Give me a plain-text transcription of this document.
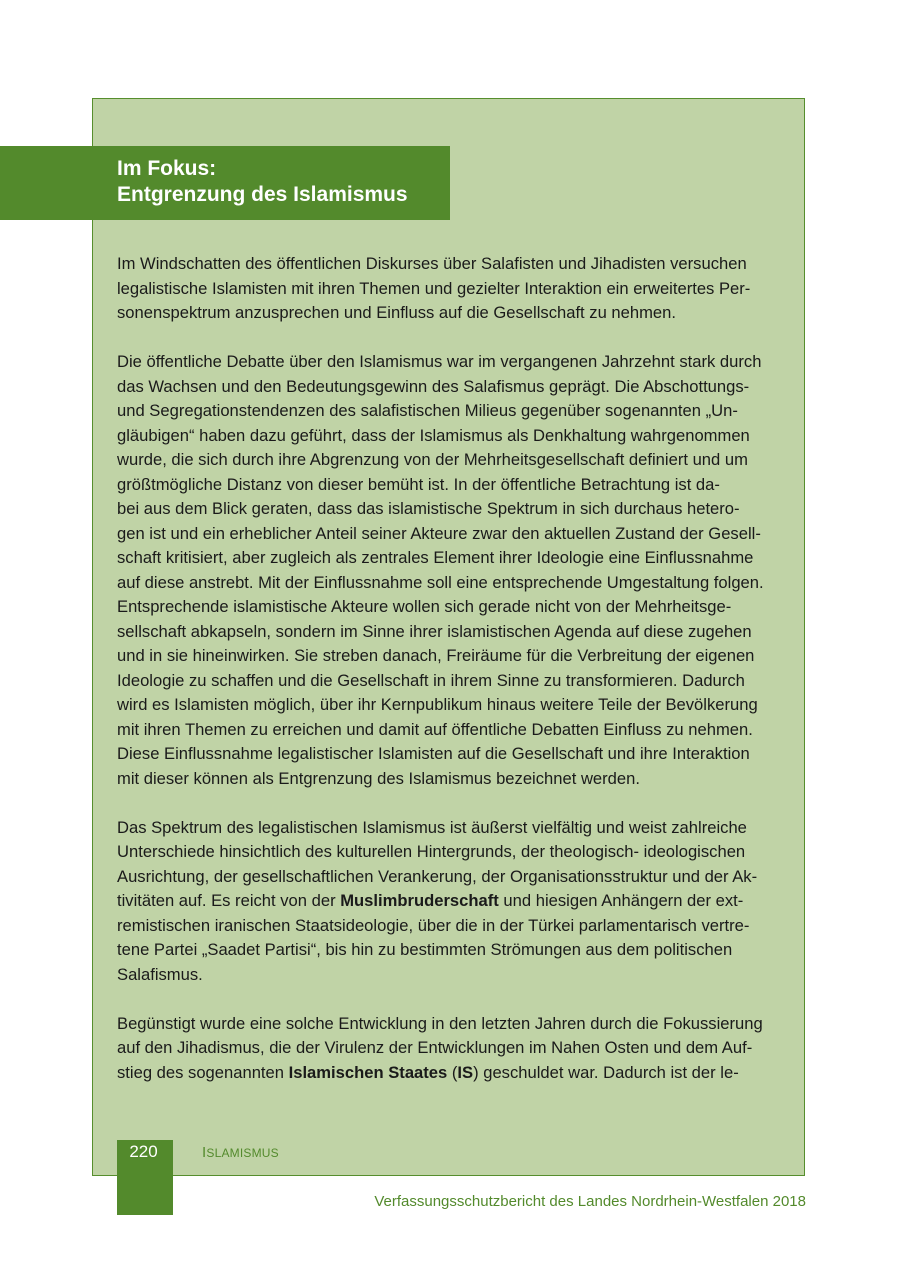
Im Fokus:
Entgrenzung des Islamismus

Im Windschatten des öffentlichen Diskurses über Salafisten und Jihadisten versuchen
legalistische Islamisten mit ihren Themen und gezielter Interaktion ein erweitertes Per-
sonenspektrum anzusprechen und Einfluss auf die Gesellschaft zu nehmen.

Die öffentliche Debatte über den Islamismus war im vergangenen Jahrzehnt stark durch
das Wachsen und den Bedeutungsgewinn des Salafismus geprägt. Die Abschottungs-
und Segregationstendenzen des salafistischen Milieus gegenüber sogenannten „Un-
gläubigen“ haben dazu geführt, dass der Islamismus als Denkhaltung wahrgenommen
wurde, die sich durch ihre Abgrenzung von der Mehrheitsgesellschaft definiert und um
größtmögliche Distanz von dieser bemüht ist. In der öffentliche Betrachtung ist da-
bei aus dem Blick geraten, dass das islamistische Spektrum in sich durchaus hetero-
gen ist und ein erheblicher Anteil seiner Akteure zwar den aktuellen Zustand der Gesell-
schaft kritisiert, aber zugleich als zentrales Element ihrer Ideologie eine Einflussnahme
auf diese anstrebt. Mit der Einflussnahme soll eine entsprechende Umgestaltung folgen.
Entsprechende islamistische Akteure wollen sich gerade nicht von der Mehrheitsge-
sellschaft abkapseln, sondern im Sinne ihrer islamistischen Agenda auf diese zugehen
und in sie hineinwirken. Sie streben danach, Freiräume für die Verbreitung der eigenen
Ideologie zu schaffen und die Gesellschaft in ihrem Sinne zu transformieren. Dadurch
wird es Islamisten möglich, über ihr Kernpublikum hinaus weitere Teile der Bevölkerung
mit ihren Themen zu erreichen und damit auf öffentliche Debatten Einfluss zu nehmen.
Diese Einflussnahme legalistischer Islamisten auf die Gesellschaft und ihre Interaktion
mit dieser können als Entgrenzung des Islamismus bezeichnet werden.

Das Spektrum des legalistischen Islamismus ist äußerst vielfältig und weist zahlreiche
Unterschiede hinsichtlich des kulturellen Hintergrunds, der theologisch- ideologischen
Ausrichtung, der gesellschaftlichen Verankerung, der Organisationsstruktur und der Ak-
tivitäten auf. Es reicht von der Muslimbruderschaft und hiesigen Anhängern der ext-
remistischen iranischen Staatsideologie, über die in der Türkei parlamentarisch vertre-
tene Partei „Saadet Partisi“, bis hin zu bestimmten Strömungen aus dem politischen
Salafismus.

Begünstigt wurde eine solche Entwicklung in den letzten Jahren durch die Fokussierung
auf den Jihadismus, die der Virulenz der Entwicklungen im Nahen Osten und dem Auf-
stieg des sogenannten Islamischen Staates (IS) geschuldet war. Dadurch ist der le-

220	ISLAMISMUS
Verfassungsschutzbericht des Landes Nordrhein-Westfalen 2018
